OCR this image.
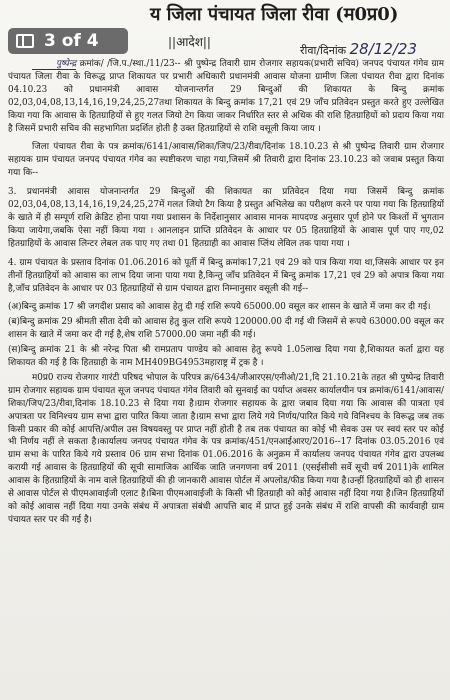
य जिला पंचायत जिला रीवा (म0प्र0)
3 of 4	||आदेश||
रीवा/दिनांक 28/12/23

पुष्पेन्द्र क्रमांक/ /जि.प./स्था./11/23-- श्री पुष्पेन्द्र तिवारी ग्राम रोजगार सहायक(प्रभारी सचिव) जनपद पंचायत गंगेव ग्राम पंचायत जिला रीवा के विरूद्ध प्राप्त शिकायत पर प्रभारी अधिकारी प्रधानमंत्री आवास योजना ग्रामीण जिला पंचायत रीवा द्वारा दिनांक 04.10.23 को प्रधानमंत्री आवास योजनान्तर्गत 29 बिन्दुओं की शिकायत के बिन्दु क्रमांक 02,03,04,08,13,14,16,19,24,25,27तथा शिकायत के बिन्दु क्रमांक 17,21 एवं 29 जाँच प्रतिवेदन प्रस्तुत करते हुए उल्लेखित किया गया कि आवास के हितग्राहियों से हुए गलत जियो टेग किया जाकर निर्धारित स्तर से अधिक की राशि हितग्राहियों को प्रदाय किया गया है जिसमें प्रभारी सचिव की सहभागिता प्रदर्शित होती है उक्त हितग्राहियों से राशि वसूली किया जाय ।

जिला पंचायत रीवा के पत्र क्रमांक/6141/आवास/शिका/जिप/23/रीवा/दिनांक 18.10.23 से श्री पुष्पेन्द्र तिवारी ग्राम रोजगार सहायक ग्राम पंचायत जनपद पंचायत गंगेव का स्पष्टीकरण चाहा गया,जिसमें श्री तिवारी द्वारा दिनांक 23.10.23 को जवाब प्रस्तुत किया गया कि--

3. प्रधानमंत्री आवास योजनान्तर्गत 29 बिन्दुओं की शिकायत का प्रतिवेदन दिया गया जिसमें बिन्दु क्रमांक 02,03,04,08,13,14,16,19,24,25,27में गलत जियो टैग किया है प्रस्तुत अभिलेख का परीक्षण करने पर पाया गया कि हितग्राहियों के खाते में ही सम्पूर्ण राशि क्रेडिट होना पाया गया प्रशासन के निर्देशानुसार आवास मानक मापदण्ड अनुसार पूर्ण होने पर किश्तों में भुगतान किया जायेगा,जबकि ऐसा नहीं किया गया । आनलाइन प्राप्ति प्रतिवेदन के आधार पर 05 हितग्राहियों के आवास पूर्ण पाए गए,02 हितग्राहियों के आवास लिन्टर लेबल तक पाए गए तथा 01 हितग्राही का आवास प्लिंथ लेविल तक पाया गया ।

4. ग्राम पंचायत के प्रस्ताव दिनांक 01.06.2016 को पूर्ती में बिन्दु क्रमांक17,21 एवं 29 को पात्र किया गया था,जिसके आधार पर इन तीनों हितग्राहियों को आवास का लाभ दिया जाना पाया गया है,किन्तु जाँच प्रतिवेदन में बिन्दु क्रमांक 17,21 एवं 29 को अपात्र किया गया है,जाँच प्रतिवेदन के आधार पर 03 हितग्राहियों से ग्राम पंचायत द्वारा निम्नानुसार वसूली की गई--

(अ)बिन्दु क्रमांक 17 श्री जगदीश प्रसाद को आवास हेतु दी गई राशि रूपये 65000.00 वसूल कर शासन के खाते में जमा कर दी गई।

(ब)बिन्दु क्रमांक 29 श्रीमती सीता देवी को आवास हेतु कुल राशि रूपये 120000.00 दी गई थी जिसमें से रूपये 63000.00 वसूल कर शासन के खाते में जमा कर दी गई है,शेष राशि 57000.00 जमा नहीं की गई।

(स)बिन्दु क्रमांक 21 के श्री नरेन्द्र पिता श्री रामप्रताप पाण्डेय को आवास हेतु रूपये 1.05लाख दिया गया है,शिकायत कर्ता द्वारा यह शिकायत की गई है कि हितग्राही के नाम MH409BG4953महाराष्ट्र में ट्रक है ।

म0प्र0 राज्य रोजगार गारंटी परिषद भोपाल के परिपत्र क्र/6434/जीआरएस/एनीओ/21,दि 21.10.21के तहत श्री पुष्पेन्द्र तिवारी ग्राम रोजगार सहायक ग्राम पंचायत सूज जनपद पंचायत गंगेव तिवारी को सुनवाई का पर्याप्त अवसर कार्यालयीन पत्र क्रमांक/6141/आवास/शिका/जिप/23/रीवा,दिनांक 18.10.23 से दिया गया है।ग्राम रोजगार सहायक के द्वारा जबाव दिया गया कि आवास की पात्रता एवं अपात्रता पर विनिश्चय ग्राम सभा द्वारा पारित किया जाता है।ग्राम सभा द्वारा लिये गये निर्णय/पारित किये गये विनिश्चय के विरूद्ध जब तक किसी प्रकार की कोई आपत्ति/अपील उस विषयवस्तु पर प्राप्त नहीं होती है तब तक पंचायत का कोई भी सेवक उस पर स्वयं स्तर पर कोई भी निर्णय नहीं ले सकता है।कार्यालय जनपद पंचायत गंगेव के पत्र क्रमांक/451/एनआईआरए/2016--17 दिनांक 03.05.2016 एवं ग्राम सभा के पारित किये गये प्रस्ताव 06 ग्राम सभा दिनांक 01.06.2016 के अनुक्रम में कार्यालय जनपद पंचायत गंगेव द्वारा उपलब्ध करायी गई आवास के हितग्राहियों की सूची सामाजिक आर्थिक जाति जनगणना वर्ष 2011 (एसईसीसी सर्वे सूची वर्ष 2011)के शामिल आवास के हितग्राहियों के नाम वाले हितग्राहियों की ही जानकारी आवास पोर्टल में अपलोड/फीड किया गया है।उन्हीं हितग्राहियों को ही शासन से आवास पोर्टल से पीएमआवाईजी एलाट है।बिना पीएमआवाईजी के किसी भी हितग्राही को कोई आवास नहीं दिया गया है।जिन हितग्राहियों को कोई आवास नहीं दिया गया उनके संबंध में अपात्रता संबंधी आपत्ति बाद में प्राप्त हुई उनके संबंध में राशि वापसी की कार्यवाही ग्राम पंचायत स्तर पर की गई है।
